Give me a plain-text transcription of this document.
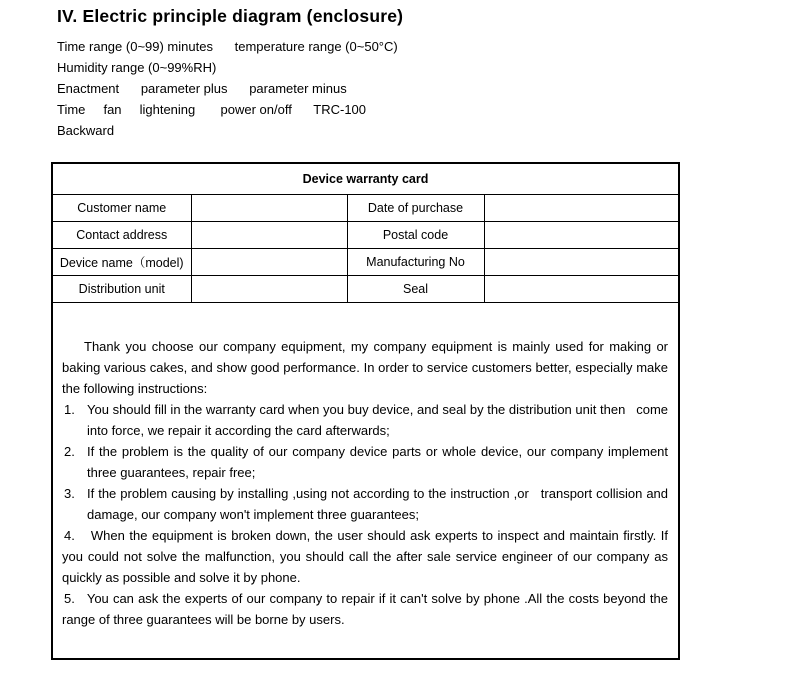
IV. Electric principle diagram (enclosure)
Time range (0~99) minutes      temperature range (0~50°C)
Humidity range (0~99%RH)
Enactment      parameter plus      parameter minus
Time     fan     lightening       power on/off      TRC-100
Backward
Device warranty card			
Customer name		Date of purchase	
Contact address		Postal code	
Device name（model)		Manufacturing No	
Distribution unit		Seal	

Thank you choose our company equipment, my company equipment is mainly used for making or baking various cakes, and show good performance. In order to service customers better, especially make the following instructions:

1. You should fill in the warranty card when you buy device, and seal by the distribution unit then   come into force, we repair it according the card afterwards;
2. If the problem is the quality of our company device parts or whole device, our company implement three guarantees, repair free;
3. If the problem causing by installing ,using not according to the instruction ,or   transport collision and damage, our company won't implement three guarantees;
4. When the equipment is broken down, the user should ask experts to inspect and maintain firstly. If you could not solve the malfunction, you should call the after sale service engineer of our company as quickly as possible and solve it by phone.
5. You can ask the experts of our company to repair if it can't solve by phone .All the costs beyond the range of three guarantees will be borne by users.
